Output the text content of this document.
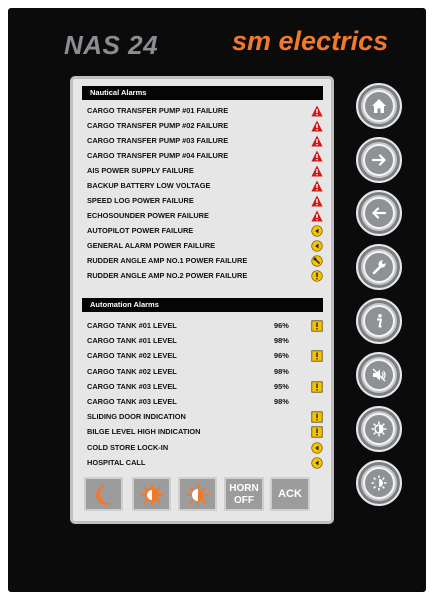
NAS 24	sm electrics
Nautical Alarms
CARGO TRANSFER PUMP #01 FAILURE
CARGO TRANSFER PUMP #02 FAILURE
CARGO TRANSFER PUMP #03 FAILURE
CARGO TRANSFER PUMP #04 FAILURE
AIS POWER SUPPLY FAILURE
BACKUP BATTERY LOW VOLTAGE
SPEED LOG POWER FAILURE
ECHOSOUNDER POWER FAILURE
AUTOPILOT POWER FAILURE
GENERAL ALARM POWER FAILURE
RUDDER ANGLE AMP NO.1 POWER FAILURE
RUDDER ANGLE AMP NO.2 POWER FAILURE
Automation Alarms
CARGO TANK #01 LEVEL	96%
CARGO TANK #01 LEVEL	98%
CARGO TANK #02 LEVEL	96%
CARGO TANK #02 LEVEL	98%
CARGO TANK #03 LEVEL	95%
CARGO TANK #03 LEVEL	98%
SLIDING DOOR INDICATION
BILGE LEVEL HIGH INDICATION
COLD STORE LOCK-IN
HOSPITAL CALL
HORN
OFF
ACK
